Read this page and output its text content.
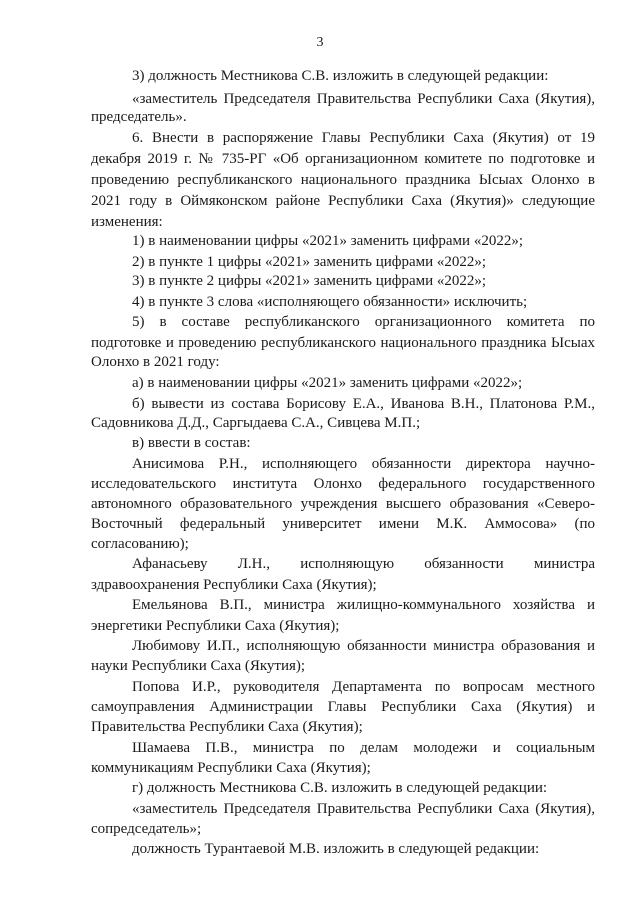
3
3) должность Местникова С.В. изложить в следующей редакции:
«заместитель Председателя Правительства Республики Саха (Якутия),
председатель».
6. Внести в распоряжение Главы Республики Саха (Якутия) от 19
декабря 2019 г. № 735-РГ «Об организационном комитете по подготовке и
проведению республиканского национального праздника Ысыах Олонхо в
2021 году в Оймяконском районе Республики Саха (Якутия)» следующие
изменения:
1) в наименовании цифры «2021» заменить цифрами «2022»;
2) в пункте 1 цифры «2021» заменить цифрами «2022»;
3) в пункте 2 цифры «2021» заменить цифрами «2022»;
4) в пункте 3 слова «исполняющего обязанности» исключить;
5) в составе республиканского организационного комитета по
подготовке и проведению республиканского национального праздника Ысыах
Олонхо в 2021 году:
а) в наименовании цифры «2021» заменить цифрами «2022»;
б) вывести из состава Борисову Е.А., Иванова В.Н., Платонова Р.М.,
Садовникова Д.Д., Саргыдаева С.А., Сивцева М.П.;
в) ввести в состав:
Анисимова Р.Н., исполняющего обязанности директора научно-
исследовательского института Олонхо федерального государственного
автономного образовательного учреждения высшего образования «Северо-
Восточный федеральный университет имени М.К. Аммосова» (по
согласованию);
Афанасьеву Л.Н., исполняющую обязанности министра
здравоохранения Республики Саха (Якутия);
Емельянова В.П., министра жилищно-коммунального хозяйства и
энергетики Республики Саха (Якутия);
Любимову И.П., исполняющую обязанности министра образования и
науки Республики Саха (Якутия);
Попова И.Р., руководителя Департамента по вопросам местного
самоуправления Администрации Главы Республики Саха (Якутия) и
Правительства Республики Саха (Якутия);
Шамаева П.В., министра по делам молодежи и социальным
коммуникациям Республики Саха (Якутия);
г) должность Местникова С.В. изложить в следующей редакции:
«заместитель Председателя Правительства Республики Саха (Якутия),
сопредседатель»;
должность Турантаевой М.В. изложить в следующей редакции:
